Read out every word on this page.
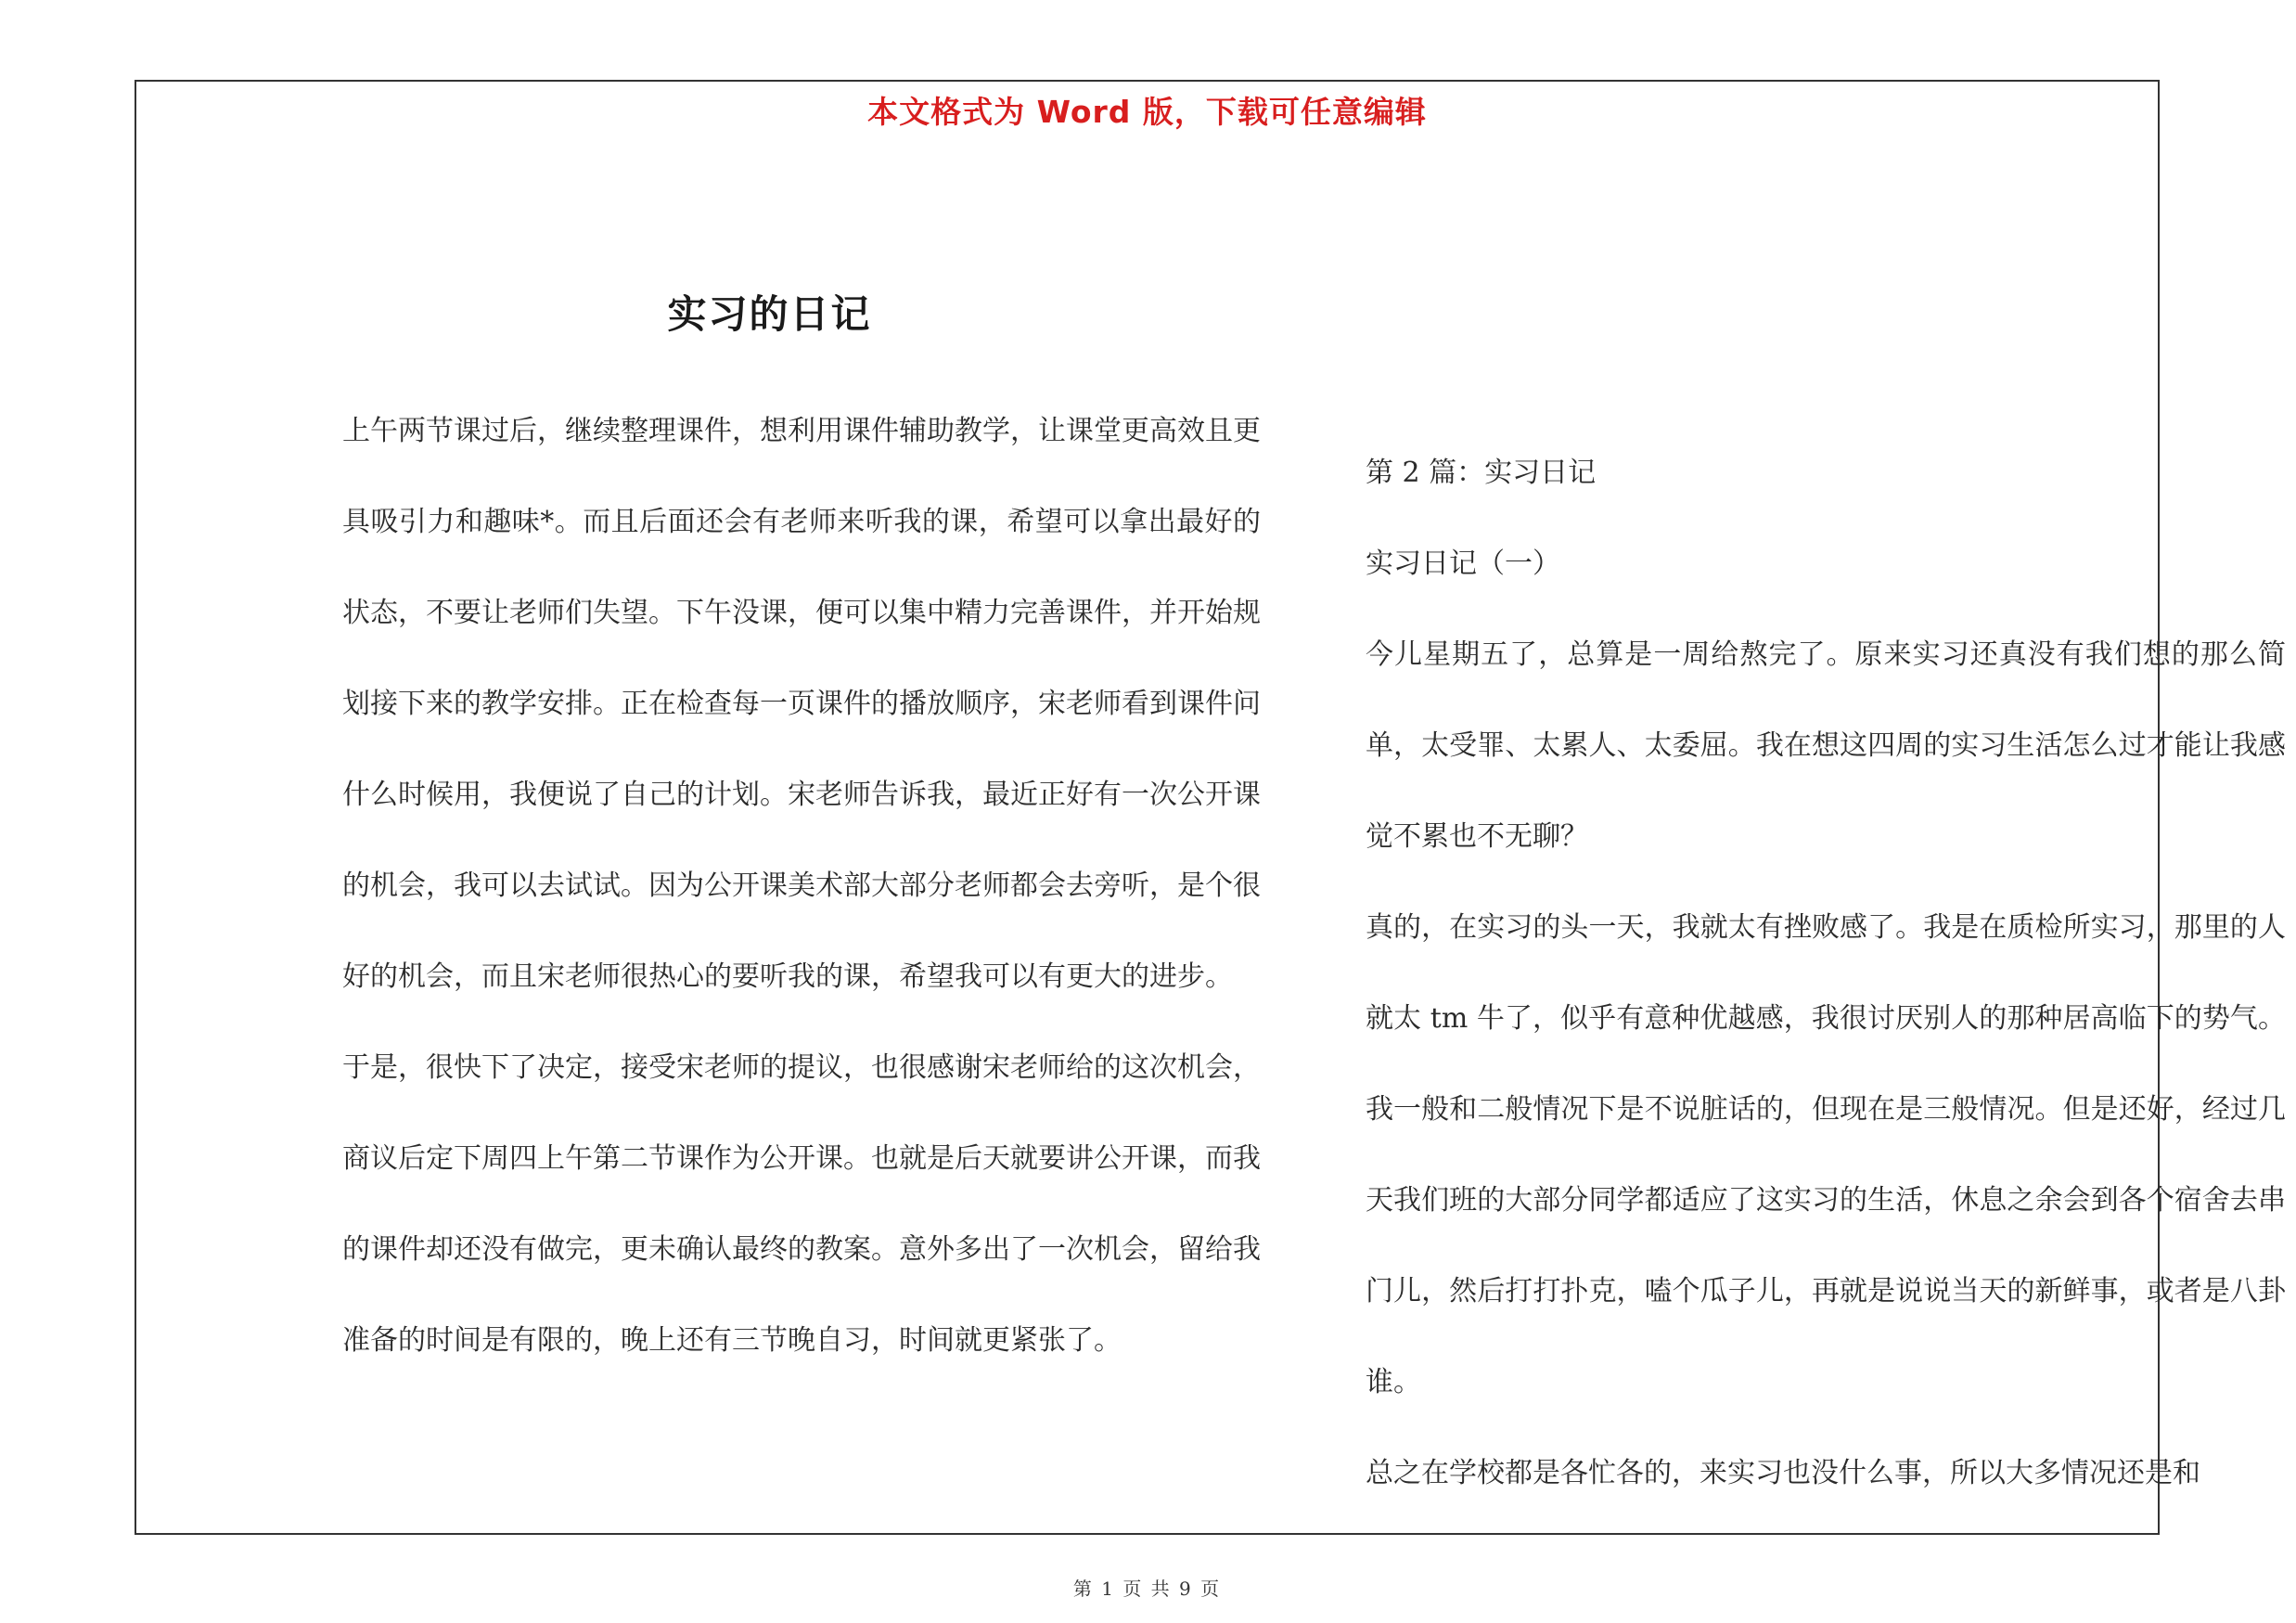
本文格式为 Word 版，下载可任意编辑
实习的日记

上午两节课过后，继续整理课件，想利用课件辅助教学，让课堂更高效且更具吸引力和趣味*。而且后面还会有老师来听我的课，希望可以拿出最好的状态，不要让老师们失望。下午没课，便可以集中精力完善课件，并开始规划接下来的教学安排。正在检查每一页课件的播放顺序，宋老师看到课件问什么时候用，我便说了自己的计划。宋老师告诉我，最近正好有一次公开课的机会，我可以去试试。因为公开课美术部大部分老师都会去旁听，是个很好的机会，而且宋老师很热心的要听我的课，希望我可以有更大的进步。

于是，很快下了决定，接受宋老师的提议，也很感谢宋老师给的这次机会，商议后定下周四上午第二节课作为公开课。也就是后天就要讲公开课，而我的课件却还没有做完，更未确认最终的教案。意外多出了一次机会，留给我准备的时间是有限的，晚上还有三节晚自习，时间就更紧张了。

第 2 篇：实习日记

实习日记（一）

今儿星期五了，总算是一周给熬完了。原来实习还真没有我们想的那么简单，太受罪、太累人、太委屈。我在想这四周的实习生活怎么过才能让我感觉不累也不无聊？

真的，在实习的头一天，我就太有挫败感了。我是在质检所实习，那里的人就太 tm 牛了，似乎有意种优越感，我很讨厌别人的那种居高临下的势气。我一般和二般情况下是不说脏话的，但现在是三般情况。但是还好，经过几天我们班的大部分同学都适应了这实习的生活，休息之余会到各个宿舍去串门儿，然后打打扑克，嗑个瓜子儿，再就是说说当天的新鲜事，或者是八卦谁。

总之在学校都是各忙各的，来实习也没什么事，所以大多情况还是和

第 1 页 共 9 页
